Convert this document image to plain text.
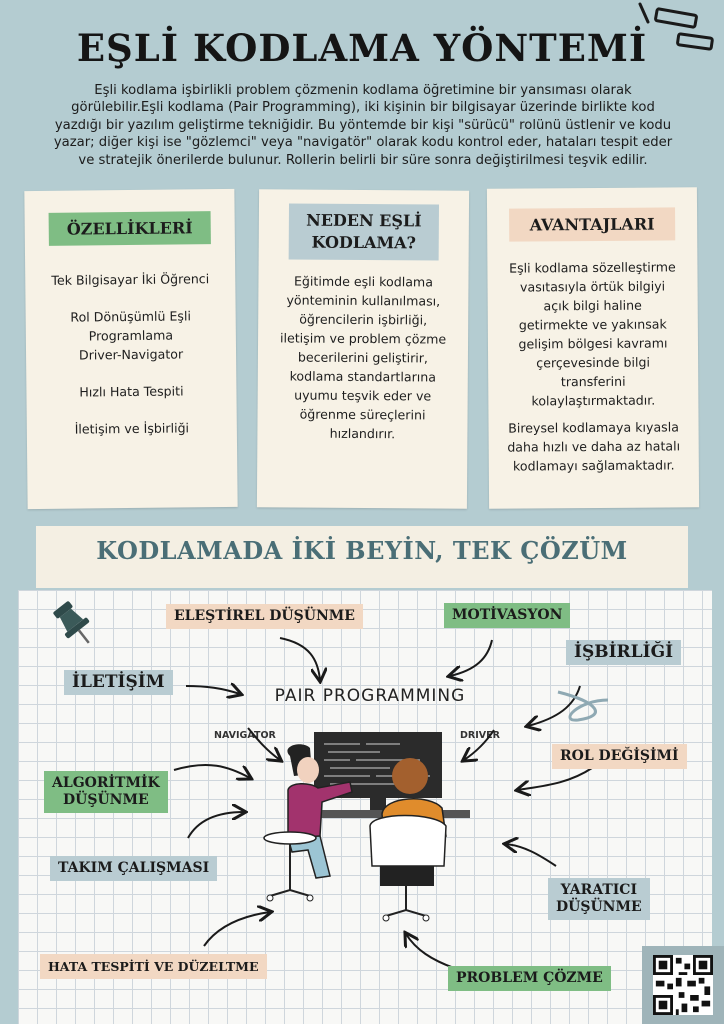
EŞLİ KODLAMA YÖNTEMİ
Eşli kodlama işbirlikli problem çözmenin kodlama öğretimine bir yansıması olarak
görülebilir.Eşli kodlama (Pair Programming), iki kişinin bir bilgisayar üzerinde birlikte kod
yazdığı bir yazılım geliştirme tekniğidir. Bu yöntemde bir kişi "sürücü" rolünü üstlenir ve kodu
yazar; diğer kişi ise "gözlemci" veya "navigatör" olarak kodu kontrol eder, hataları tespit eder
ve stratejik önerilerde bulunur. Rollerin belirli bir süre sonra değiştirilmesi teşvik edilir.
ÖZELLİKLERİ
Tek Bilgisayar İki Öğrenci
Rol Dönüşümlü Eşli
Programlama
Driver-Navigator
Hızlı Hata Tespiti
İletişim ve İşbirliği
NEDEN EŞLİ
KODLAMA?
Eğitimde eşli kodlama
yönteminin kullanılması,
öğrencilerin işbirliği,
iletişim ve problem çözme
becerilerini geliştirir,
kodlama standartlarına
uyumu teşvik eder ve
öğrenme süreçlerini
hızlandırır.
AVANTAJLARI
Eşli kodlama sözelleştirme
vasıtasıyla örtük bilgiyi
açık bilgi haline
getirmekte ve yakınsak
gelişim bölgesi kavramı
çerçevesinde bilgi
transferini
kolaylaştırmaktadır.
Bireysel kodlamaya kıyasla
daha hızlı ve daha az hatalı
kodlamayı sağlamaktadır.
KODLAMADA İKİ BEYİN, TEK ÇÖZÜM
PAIR PROGRAMMING
NAVIGATOR	DRIVER
ELEŞTİREL DÜŞÜNME	MOTİVASYON
İLETİŞİM
İŞBİRLİĞİ
ALGORİTMİK
DÜŞÜNME
ROL DEĞİŞİMİ
TAKIM ÇALIŞMASI
YARATICI
DÜŞÜNME
HATA TESPİTİ VE DÜZELTME
PROBLEM ÇÖZME
